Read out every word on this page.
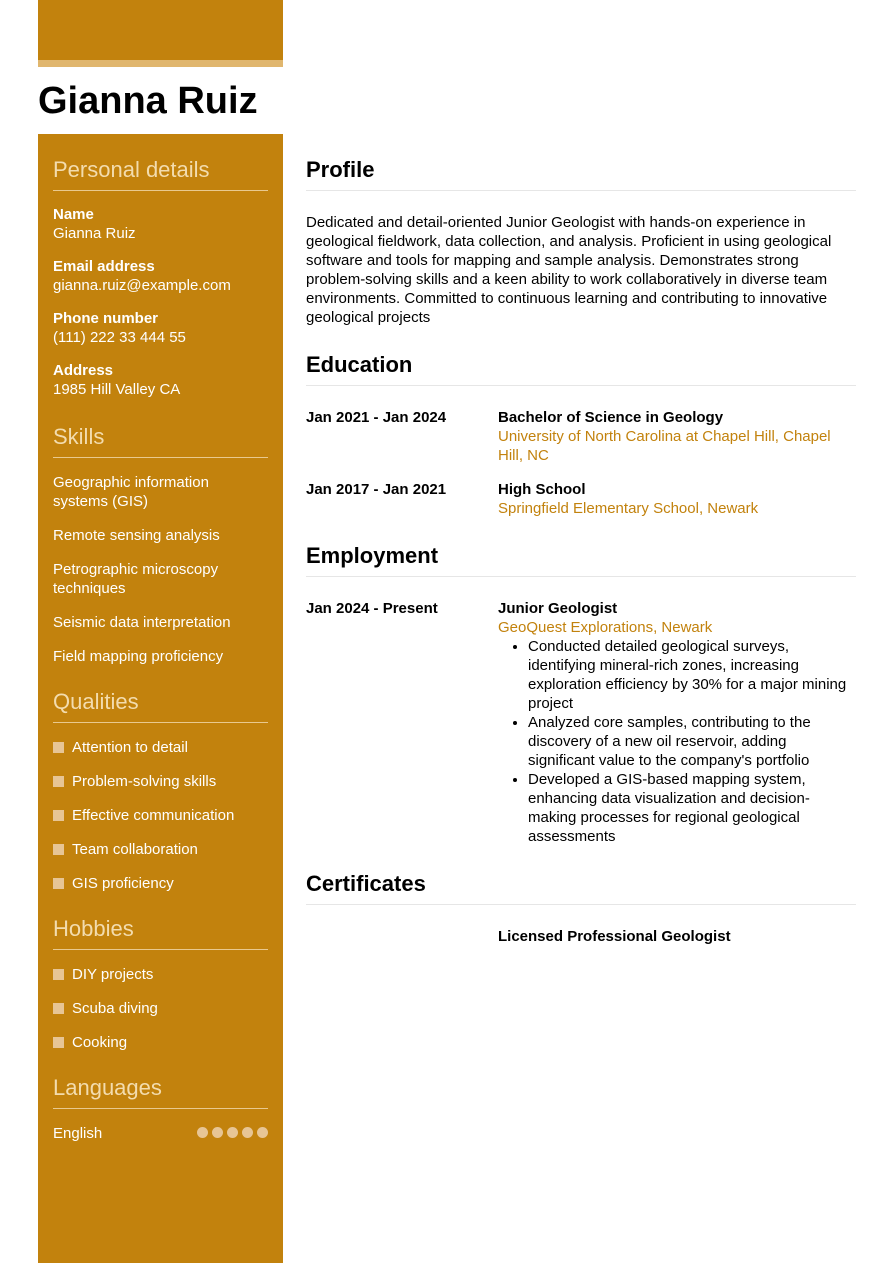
Gianna Ruiz
Personal details
Name
Gianna Ruiz
Email address
gianna.ruiz@example.com
Phone number
(111) 222 33 444 55
Address
1985 Hill Valley CA
Skills
Geographic information systems (GIS)
Remote sensing analysis
Petrographic microscopy techniques
Seismic data interpretation
Field mapping proficiency
Qualities
Attention to detail
Problem-solving skills
Effective communication
Team collaboration
GIS proficiency
Hobbies
DIY projects
Scuba diving
Cooking
Languages
English
Profile

Dedicated and detail-oriented Junior Geologist with hands-on experience in geological fieldwork, data collection, and analysis. Proficient in using geological software and tools for mapping and sample analysis. Demonstrates strong problem-solving skills and a keen ability to work collaboratively in diverse team environments. Committed to continuous learning and contributing to innovative geological projects

Education
Jan 2021 - Jan 2024	Bachelor of Science in Geology
University of North Carolina at Chapel Hill, Chapel Hill, NC
Jan 2017 - Jan 2021	High School
Springfield Elementary School, Newark
Employment
Jan 2024 - Present	Junior Geologist
GeoQuest Explorations, Newark
• Conducted detailed geological surveys, identifying mineral-rich zones, increasing exploration efficiency by 30% for a major mining project
• Analyzed core samples, contributing to the discovery of a new oil reservoir, adding significant value to the company's portfolio
• Developed a GIS-based mapping system, enhancing data visualization and decision-making processes for regional geological assessments
Certificates
Licensed Professional Geologist
